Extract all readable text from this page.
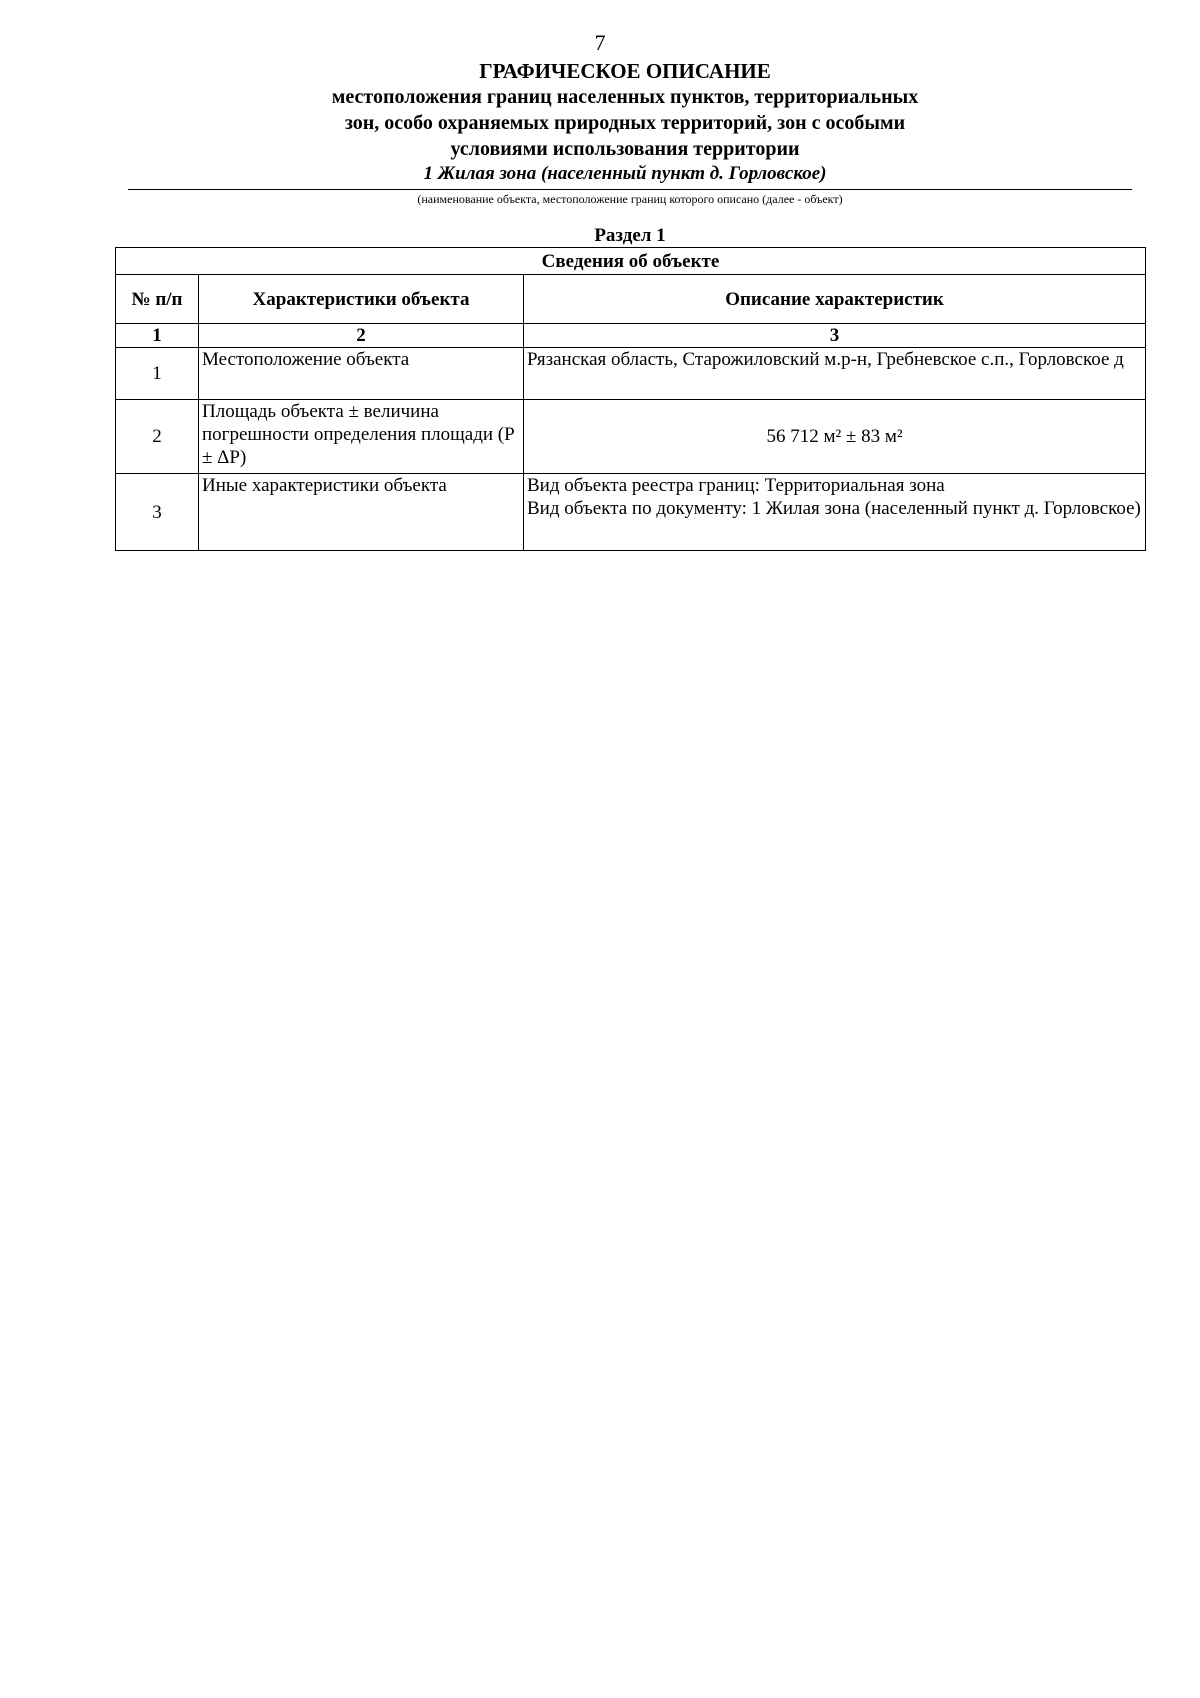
7
ГРАФИЧЕСКОЕ ОПИСАНИЕ
местоположения границ населенных пунктов, территориальных
зон, особо охраняемых природных территорий, зон с особыми
условиями использования территории
1 Жилая зона (населенный пункт д. Горловское)
(наименование объекта, местоположение границ которого описано (далее - объект)
Раздел 1
Сведения об объекте		
№ п/п	Характеристики объекта	Описание характеристик
1	2	3
1	Местоположение объекта	Рязанская область, Старожиловский м.р-н, Гребневское с.п., Горловское д
2	Площадь объекта ± величина погрешности определения площади (P ± ΔP)	56 712 м² ± 83 м²
3	Иные характеристики объекта	Вид объекта реестра границ: Территориальная зона
Вид объекта по документу: 1 Жилая зона (населенный пункт д. Горловское)
